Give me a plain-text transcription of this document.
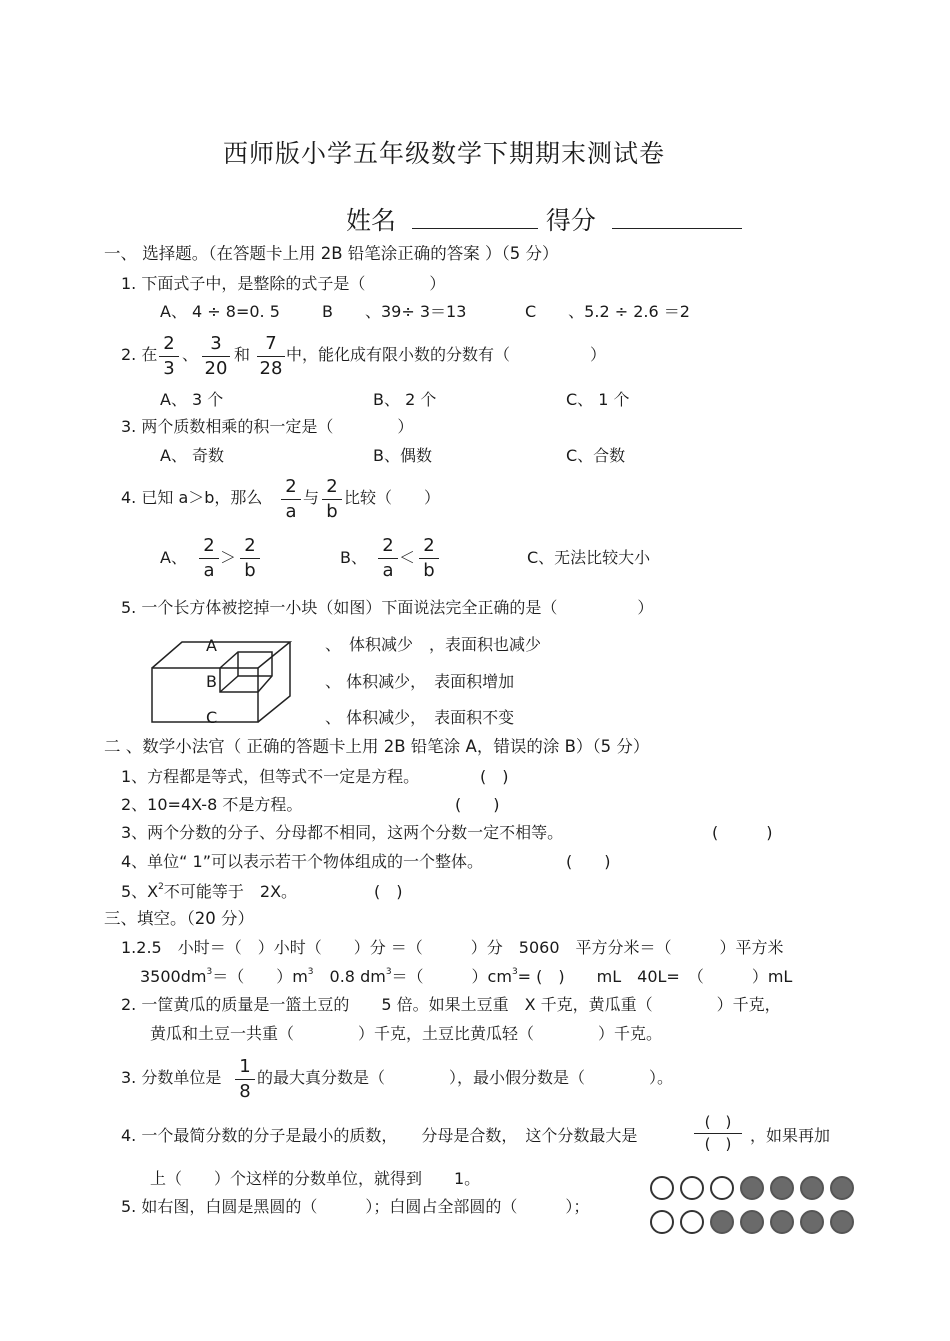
西师版小学五年级数学下期期末测试卷
姓名	得分
一、 选择题。（在答题卡上用 2B 铅笔涂正确的答案 ）（5 分）
1. 下面式子中，是整除的式子是（　　　　）
A、 4 ÷ 8=0. 5	B　　、39÷ 3＝13	C　　、5.2 ÷ 2.6 ＝2
2. 在 $\frac{2}{3}$ 、 $\frac{3}{20}$ 和 $\frac{7}{28}$ 中，能化成有限小数的分数有（　　　　　）
A、 3 个	B、 2 个	C、 1 个
3. 两个质数相乘的积一定是（　　　　）
A、 奇数	B、偶数	C、合数
4. 已知 a＞b，那么 $\frac{2}{a}$ 与 $\frac{2}{b}$ 比较（　　）
A、 $\frac{2}{a} > \frac{2}{b}$	B、 $\frac{2}{a} < \frac{2}{b}$	C、无法比较大小
5. 一个长方体被挖掉一小块（如图）下面说法完全正确的是（　　　　　）
A
B
C
、　体积减少　，表面积也减少
、 体积减少，　表面积增加
、 体积减少，　表面积不变
二 、数学小法官（ 正确的答题卡上用 2B 铅笔涂 A，错误的涂 B）（5 分）
1、方程都是等式，但等式不一定是方程。	(　)
2、10=4X-8 不是方程。	(　　)
3、两个分数的分子、分母都不相同，这两个分数一定不相等。	(　　　)
4、单位“ 1”可以表示若干个物体组成的一个整体。	(　　)
5、$X^2$不可能等于　2X。	(　)
三、填空。（20 分）
1.2.5　小时＝（　）小时（　　）分 ＝（　　　）分　5060　平方分米＝（　　　）平方米
$3500dm^3=$（　　）$m^3$　0.8 $dm^3=$（　　　）$cm^3=$ (　)　　mL　40L=　（　　　）mL
2. 一筐黄瓜的质量是一篮土豆的　　5 倍。如果土豆重　X 千克，黄瓜重（　　　　）千克，
黄瓜和土豆一共重（　　　　）千克，土豆比黄瓜轻（　　　　）千克。
3. 分数单位是 $\frac{1}{8}$ 的最大真分数是（　　　　），最小假分数是（　　　　）。
4. 一个最简分数的分子是最小的质数，　　分母是合数，　这个分数最大是
(　)
(　)	，如果再加
上（　　）个这样的分数单位，就得到　　1。
5. 如右图，白圆是黑圆的（　　　）；白圆占全部圆的（　　　）；
